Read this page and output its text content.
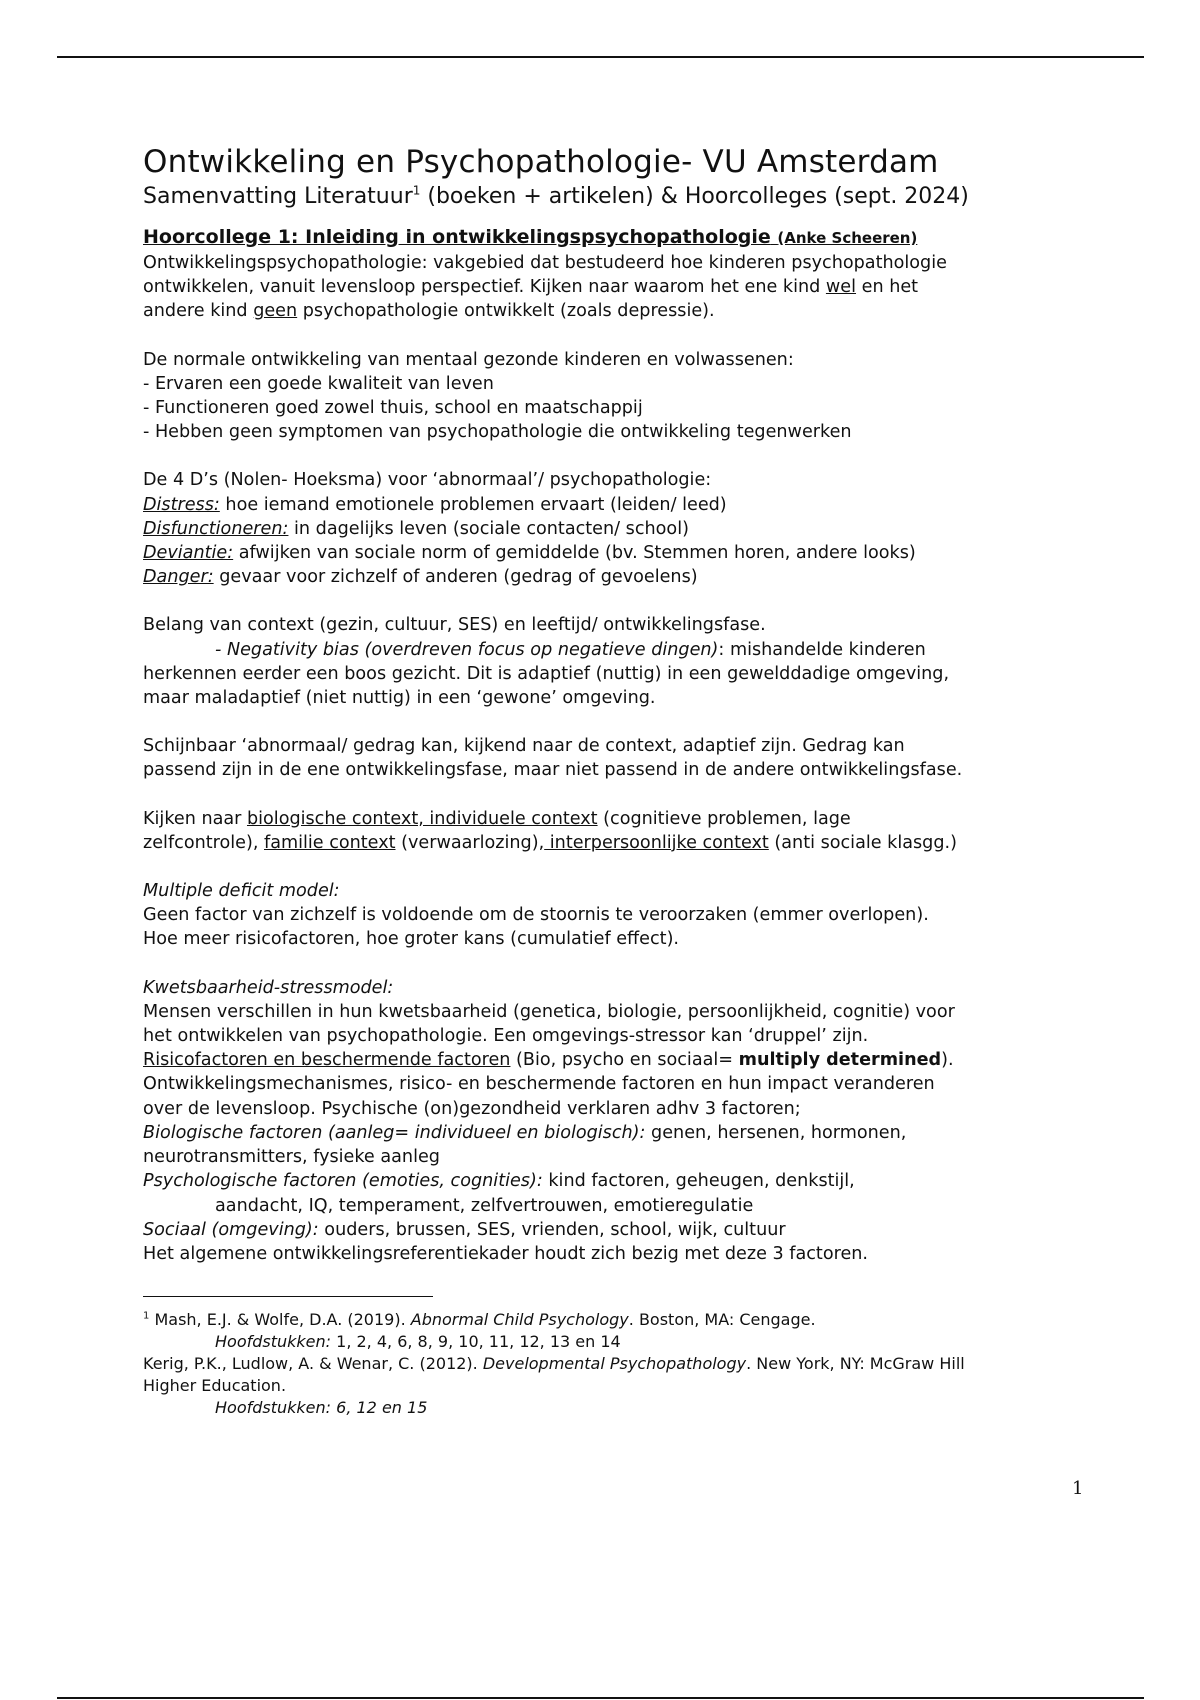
Ontwikkeling en Psychopathologie- VU Amsterdam

Samenvatting Literatuur$^1$ (boeken + artikelen) & Hoorcolleges (sept. 2024)

Hoorcollege 1: Inleiding in ontwikkelingspsychopathologie (Anke Scheeren)

Ontwikkelingspsychopathologie: vakgebied dat bestudeerd hoe kinderen psychopathologie

ontwikkelen, vanuit levensloop perspectief. Kijken naar waarom het ene kind wel en het

andere kind geen psychopathologie ontwikkelt (zoals depressie).

De normale ontwikkeling van mentaal gezonde kinderen en volwassenen:

- Ervaren een goede kwaliteit van leven

- Functioneren goed zowel thuis, school en maatschappij

- Hebben geen symptomen van psychopathologie die ontwikkeling tegenwerken

De 4 D’s (Nolen- Hoeksma) voor ‘abnormaal’/ psychopathologie:

Distress: hoe iemand emotionele problemen ervaart (leiden/ leed)

Disfunctioneren: in dagelijks leven (sociale contacten/ school)

Deviantie: afwijken van sociale norm of gemiddelde (bv. Stemmen horen, andere looks)

Danger: gevaar voor zichzelf of anderen (gedrag of gevoelens)

Belang van context (gezin, cultuur, SES) en leeftijd/ ontwikkelingsfase.

- Negativity bias (overdreven focus op negatieve dingen): mishandelde kinderen

herkennen eerder een boos gezicht. Dit is adaptief (nuttig) in een gewelddadige omgeving,

maar maladaptief (niet nuttig) in een ‘gewone’ omgeving.

Schijnbaar ‘abnormaal/ gedrag kan, kijkend naar de context, adaptief zijn. Gedrag kan

passend zijn in de ene ontwikkelingsfase, maar niet passend in de andere ontwikkelingsfase.

Kijken naar biologische context, individuele context (cognitieve problemen, lage

zelfcontrole), familie context (verwaarlozing), interpersoonlijke context (anti sociale klasgg.)

Multiple deficit model:

Geen factor van zichzelf is voldoende om de stoornis te veroorzaken (emmer overlopen).

Hoe meer risicofactoren, hoe groter kans (cumulatief effect).

Kwetsbaarheid-stressmodel:

Mensen verschillen in hun kwetsbaarheid (genetica, biologie, persoonlijkheid, cognitie) voor

het ontwikkelen van psychopathologie. Een omgevings-stressor kan ‘druppel’ zijn.

Risicofactoren en beschermende factoren (Bio, psycho en sociaal= multiply determined).

Ontwikkelingsmechanismes, risico- en beschermende factoren en hun impact veranderen

over de levensloop. Psychische (on)gezondheid verklaren adhv 3 factoren;

Biologische factoren (aanleg= individueel en biologisch): genen, hersenen, hormonen,

neurotransmitters, fysieke aanleg

Psychologische factoren (emoties, cognities): kind factoren, geheugen, denkstijl,

aandacht, IQ, temperament, zelfvertrouwen, emotieregulatie

Sociaal (omgeving): ouders, brussen, SES, vrienden, school, wijk, cultuur

Het algemene ontwikkelingsreferentiekader houdt zich bezig met deze 3 factoren.

$^1$ Mash, E.J. & Wolfe, D.A. (2019). Abnormal Child Psychology. Boston, MA: Cengage.

Hoofdstukken: 1, 2, 4, 6, 8, 9, 10, 11, 12, 13 en 14

Kerig, P.K., Ludlow, A. & Wenar, C. (2012). Developmental Psychopathology. New York, NY: McGraw Hill

Higher Education.

Hoofdstukken: 6, 12 en 15

1
